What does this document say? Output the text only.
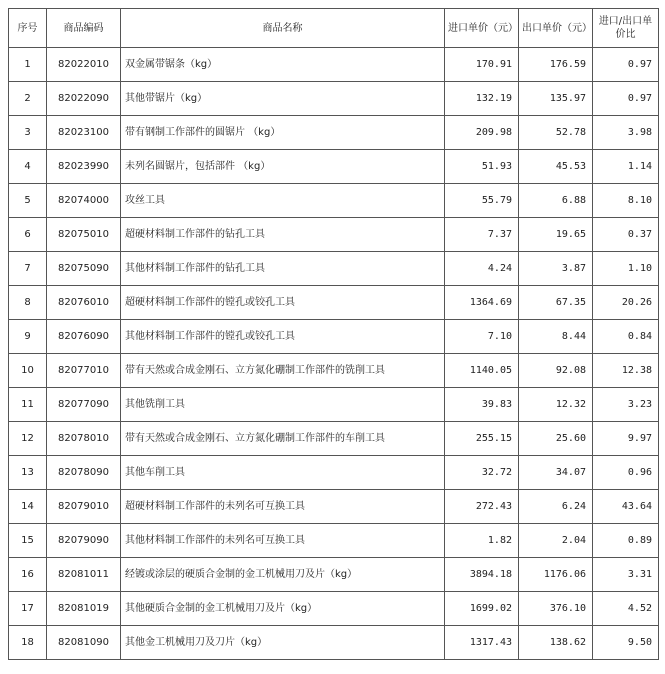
序号	商品编码	商品名称	进口单价（元）	出口单价（元）	进口/出口单价比
1	82022010	双金属带锯条（kg）	170.91	176.59	0.97
2	82022090	其他带锯片（kg）	132.19	135.97	0.97
3	82023100	带有钢制工作部件的圆锯片 （kg）	209.98	52.78	3.98
4	82023990	未列名圆锯片，包括部件 （kg）	51.93	45.53	1.14
5	82074000	攻丝工具	55.79	6.88	8.10
6	82075010	超硬材料制工作部件的钻孔工具	7.37	19.65	0.37
7	82075090	其他材料制工作部件的钻孔工具	4.24	3.87	1.10
8	82076010	超硬材料制工作部件的镗孔或铰孔工具	1364.69	67.35	20.26
9	82076090	其他材料制工作部件的镗孔或铰孔工具	7.10	8.44	0.84
10	82077010	带有天然或合成金刚石、立方氮化硼制工作部件的铣削工具	1140.05	92.08	12.38
11	82077090	其他铣削工具	39.83	12.32	3.23
12	82078010	带有天然或合成金刚石、立方氮化硼制工作部件的车削工具	255.15	25.60	9.97
13	82078090	其他车削工具	32.72	34.07	0.96
14	82079010	超硬材料制工作部件的未列名可互换工具	272.43	6.24	43.64
15	82079090	其他材料制工作部件的未列名可互换工具	1.82	2.04	0.89
16	82081011	经镀或涂层的硬质合金制的金工机械用刀及片（kg）	3894.18	1176.06	3.31
17	82081019	其他硬质合金制的金工机械用刀及片（kg）	1699.02	376.10	4.52
18	82081090	其他金工机械用刀及刀片（kg）	1317.43	138.62	9.50
